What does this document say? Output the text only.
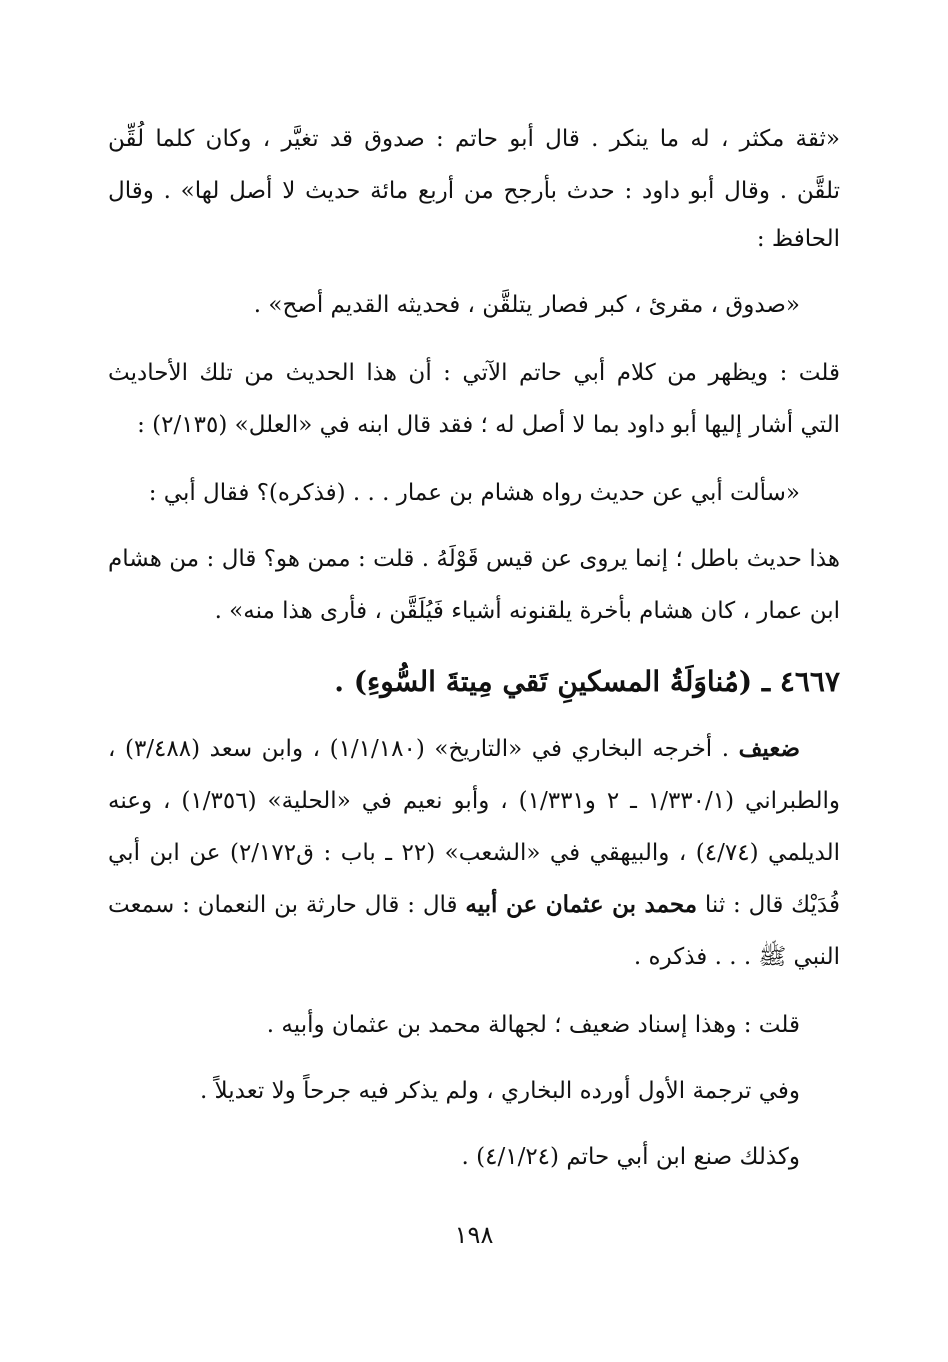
«ثقة مكثر ، له ما ينكر . قال أبو حاتم : صدوق قد تغيَّر ، وكان كلما لُقِّن
تلقَّن . وقال أبو داود : حدث بأرجح من أربع مائة حديث لا أصل لها» . وقال
الحافظ :
«صدوق ، مقرئ ، كبر فصار يتلقَّن ، فحديثه القديم أصح» .
قلت : ويظهر من كلام أبي حاتم الآتي : أن هذا الحديث من تلك الأحاديث
التي أشار إليها أبو داود بما لا أصل له ؛ فقد قال ابنه في «العلل» (٢/١٣٥) :
«سألت أبي عن حديث رواه هشام بن عمار . . . (فذكره)؟ فقال أبي :
هذا حديث باطل ؛ إنما يروى عن قيس قَوْلَهُ . قلت : ممن هو؟ قال : من هشام
ابن عمار ، كان هشام بأخرة يلقنونه أشياء فَيُلَقَّن ، فأرى هذا منه» .
٤٦٦٧ ـ (مُناوَلَةُ المسكينِ تَقي مِيتةَ السُّوءِ) .
ضعيف . أخرجه البخاري في «التاريخ» (١/١/١٨٠) ، وابن سعد (٣/٤٨٨) ،
والطبراني (١/٣٣٠/١ ـ ٢ و١/٣٣١) ، وأبو نعيم في «الحلية» (١/٣٥٦) ، وعنه
الديلمي (٤/٧٤) ، والبيهقي في «الشعب» (٢٢ ـ باب : ق٢/١٧٢) عن ابن أبي
فُدَيْك قال : ثنا محمد بن عثمان عن أبيه قال : قال حارثة بن النعمان : سمعت
النبي ﷺ . . . فذكره .
قلت : وهذا إسناد ضعيف ؛ لجهالة محمد بن عثمان وأبيه .
وفي ترجمة الأول أورده البخاري ، ولم يذكر فيه جرحاً ولا تعديلاً .
وكذلك صنع ابن أبي حاتم (٤/١/٢٤) .
١٩٨
